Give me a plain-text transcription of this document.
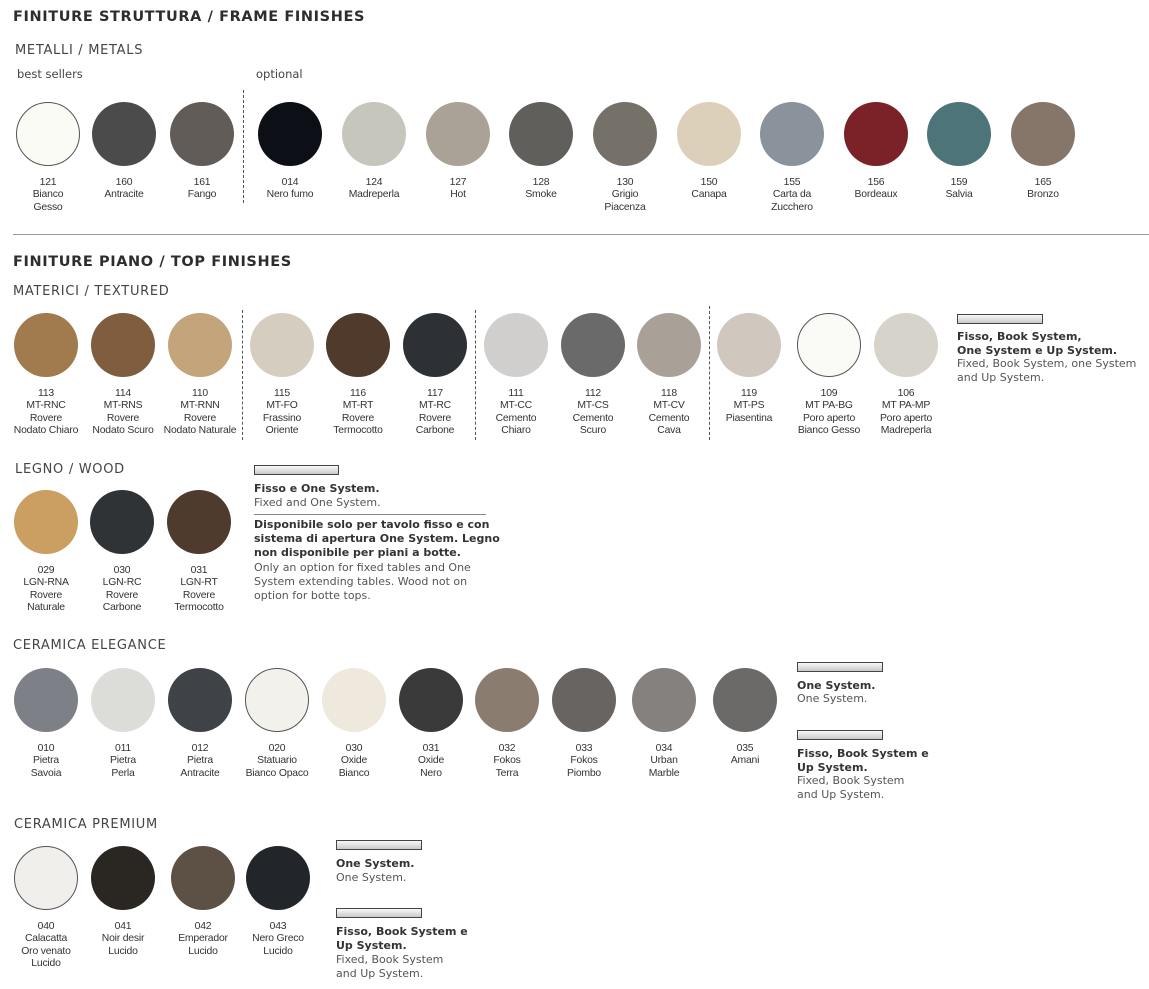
FINITURE STRUTTURA / FRAME FINISHES
METALLI / METALS
best sellers	optional
121
Bianco
Gesso
160
Antracite
161
Fango
014
Nero fumo
124
Madreperla
127
Hot
128
Smoke
130
Grigio
Piacenza
150
Canapa
155
Carta da
Zucchero
156
Bordeaux
159
Salvia
165
Bronzo
FINITURE PIANO / TOP FINISHES
MATERICI / TEXTURED
113
MT-RNC
Rovere
Nodato Chiaro
114
MT-RNS
Rovere
Nodato Scuro
110
MT-RNN
Rovere
Nodato Naturale
115
MT-FO
Frassino
Oriente
116
MT-RT
Rovere
Termocotto
117
MT-RC
Rovere
Carbone
111
MT-CC
Cemento
Chiaro
112
MT-CS
Cemento
Scuro
118
MT-CV
Cemento
Cava
119
MT-PS
Piasentina
109
MT PA-BG
Poro aperto
Bianco Gesso
106
MT PA-MP
Poro aperto
Madreperla
Fisso, Book System,
One System e Up System.
Fixed, Book System, one System
and Up System.
LEGNO / WOOD
029
LGN-RNA
Rovere
Naturale
030
LGN-RC
Rovere
Carbone
031
LGN-RT
Rovere
Termocotto
Fisso e One System.
Fixed and One System.
Disponibile solo per tavolo fisso e con
sistema di apertura One System. Legno
non disponibile per piani a botte.
Only an option for fixed tables and One
System extending tables. Wood not on
option for botte tops.
CERAMICA ELEGANCE
010
Pietra
Savoia
011
Pietra
Perla
012
Pietra
Antracite
020
Statuario
Bianco Opaco
030
Oxide
Bianco
031
Oxide
Nero
032
Fokos
Terra
033
Fokos
Piombo
034
Urban
Marble
035
Amani
One System.
One System.
Fisso, Book System e
Up System.
Fixed, Book System
and Up System.
CERAMICA PREMIUM
040
Calacatta
Oro venato
Lucido
041
Noir desir
Lucido
042
Emperador
Lucido
043
Nero Greco
Lucido
One System.
One System.
Fisso, Book System e
Up System.
Fixed, Book System
and Up System.
